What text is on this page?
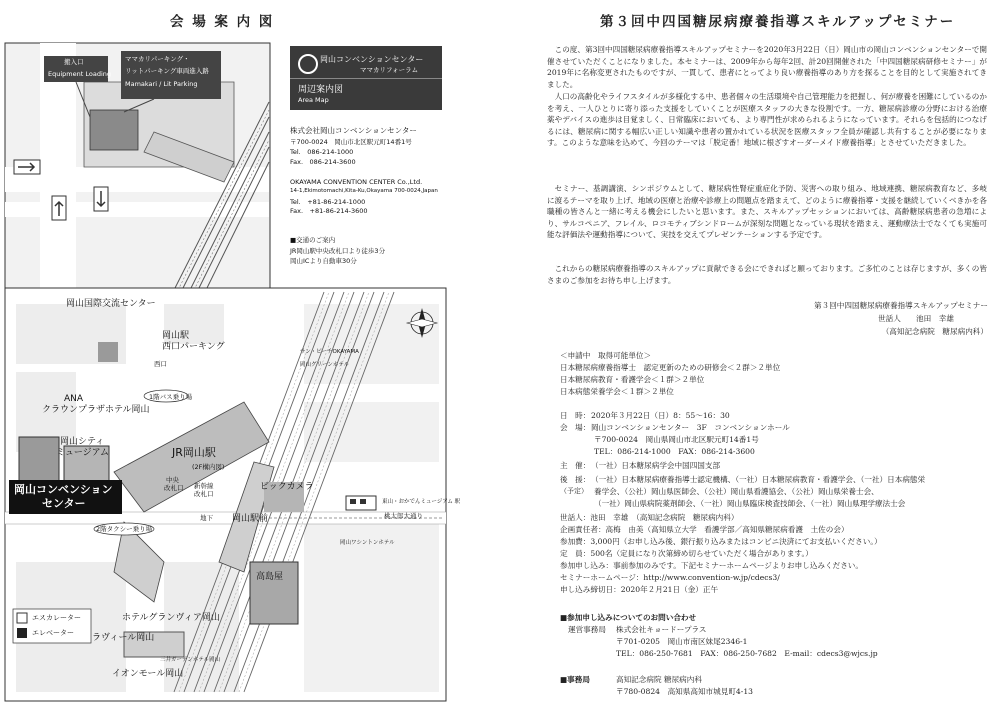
会 場 案 内 図
搬入口
Equipment Loading
ママカリパーキング・
リットパーキング車両進入路
Mamakari / Lit Parking
岡山コンベンションセンター
ママカリフォーラム
周辺案内図
Area Map
株式会社岡山コンベンションセンター
〒700-0024　岡山市北区駅元町14番1号
Tel.　086-214-1000
Fax.　086-214-3600
OKAYAMA CONVENTION CENTER Co.,Ltd.
14-1,Ekimotomachi,Kita-Ku,Okayama 700-0024,Japan
Tel.　+81-86-214-1000
Fax.　+81-86-214-3600
■交通のご案内
JR岡山駅中央改札口より徒歩3分
岡山ICより自動車30分
岡山国際交流センター
岡山駅
西口パーキング
西口
ANA
クラウンプラザホテル岡山
1階バス乗り場
岡山シティ
ミュージアム	JR岡山駅
(2F構内図)
中央
改札口 新幹線
改札口
地下
岡山コンベンション
センター
2階タクシー乗り場
ビックカメラ
岡山駅前
東山・おかでんミュージアム 駅
桃太郎大通り
高島屋
ホテルグランヴィア岡山
ラヴィール岡山
イオンモール岡山
三井ガーデンホテル岡山
サン・ピーチOKAYAMA
岡山グリーンホテル
岡山ワシントンホテル
エスカレーター
エレベーター
第３回中四国糖尿病療養指導スキルアップセミナー
この度、第3回中四国糖尿病療養指導スキルアップセミナーを2020年3月22日（日）岡山市の岡山コンベンションセンターで開催させていただくことになりました。本セミナーは、2009年から毎年2回、計20回開催された「中四国糖尿病研修セミナー」が2019年に名称変更されたものですが、一貫して、患者にとってより良い療養指導のあり方を探ることを目的として実施されてきました。
人口の高齢化やライフスタイルが多様化する中、患者個々の生活環境や自己管理能力を把握し、何が療養を困難にしているのかを考え、一人ひとりに寄り添った支援をしていくことが医療スタッフの大きな役割です。一方、糖尿病診療の分野における治療薬やデバイスの進歩は目覚ましく、日常臨床においても、より専門性が求められるようになっています。それらを包括的につなげるには、糖尿病に関する幅広い正しい知識や患者の置かれている状況を医療スタッフ全員が確認し共有することが必要になります。このような意味を込めて、今回のテーマは「脱定番！地域に根ざすオーダーメイド療養指導」とさせていただきました。
セミナー、基調講演、シンポジウムとして、糖尿病性腎症重症化予防、災害への取り組み、地域連携、糖尿病教育など、多岐に渡るテーマを取り上げ、地域の医療と治療や診療上の問題点を踏まえて、どのように療養指導・支援を継続していくべきかを各職種の皆さんと一緒に考える機会にしたいと思います。また、スキルアップセッションにおいては、高齢糖尿病患者の急増により、サルコペニア、フレイル、ロコモティブシンドロームが深刻な問題となっている現状を踏まえ、運動療法士でなくても実施可能な評価法や運動指導について、実技を交えてプレゼンテーションする予定です。
これからの糖尿病療養指導のスキルアップに貢献できる会にできればと願っております。ご多忙のことは存じますが、多くの皆さまのご参加をお待ち申し上げます。
第３回中四国糖尿病療養指導スキルアップセミナー
世話人　　池田　幸雄
（高知記念病院　糖尿病内科）
＜申請中　取得可能単位＞
日本糖尿病療養指導士　認定更新のための研修会＜２群＞２単位
日本糖尿病教育・看護学会＜１群＞２単位
日本病態栄養学会＜１群＞２単位
日　時：2020年３月22日（日）8：55～16：30
会　場：岡山コンベンションセンター　3F　コンベンションホール
〒700-0024　岡山県岡山市北区駅元町14番1号
TEL：086-214-1000　FAX：086-214-3600
主　催：（一社）日本糖尿病学会中国四国支部
後　援：（一社）日本糖尿病療養指導士認定機構、（一社）日本糖尿病教育・看護学会、（一社）日本病態栄
（予定） 養学会、（公社）岡山県医師会、（公社）岡山県看護協会、（公社）岡山県栄養士会、
（一社）岡山県病院薬剤師会、（一社）岡山県臨床検査技師会、（一社）岡山県理学療法士会
世話人：池田　幸雄　（高知記念病院　糖尿病内科）
企画責任者：高梅　由美（高知県立大学　看護学部／高知県糖尿病看護　土佐の会）
参加費：3,000円（お申し込み後、銀行振り込みまたはコンビニ決済にてお支払いください。）
定　員：500名（定員になり次第締め切らせていただく場合があります。）
参加申し込み：事前参加のみです。下記セミナーホームページよりお申し込みください。
セミナーホームページ：http://www.convention-w.jp/cdecs3/
申し込み締切日：2020年２月21日（金）正午
■参加申し込みについてのお問い合わせ
運営事務局 株式会社キョードープラス
〒701-0205　岡山市南区妹尾2346-1
TEL：086-250-7681　FAX：086-250-7682　E-mail：cdecs3@wjcs.jp
■事務局	高知記念病院 糖尿病内科
〒780-0824　高知県高知市城見町4-13
